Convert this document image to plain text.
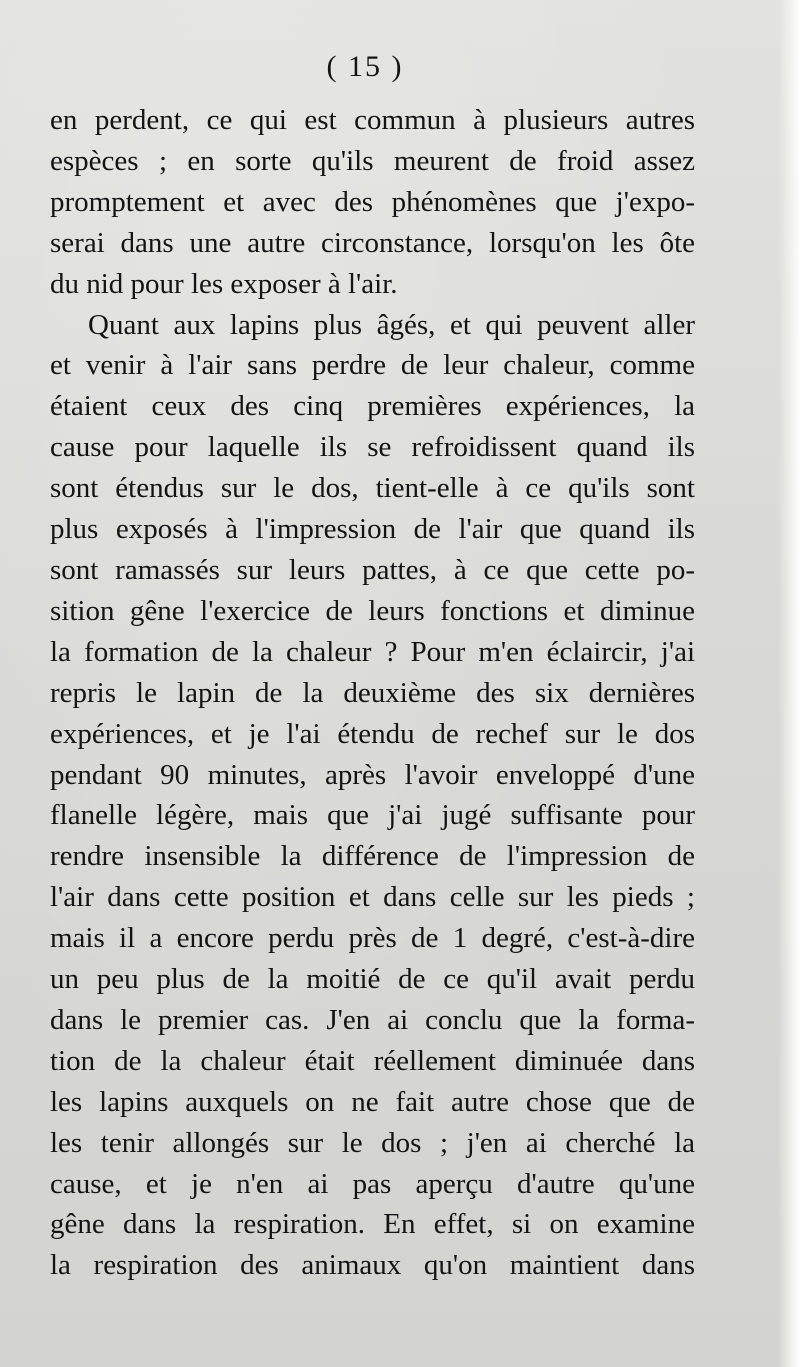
( 15 )
en perdent, ce qui est commun à plusieurs autres
espèces ; en sorte qu'ils meurent de froid assez
promptement et avec des phénomènes que j'expo-
serai dans une autre circonstance, lorsqu'on les ôte
du nid pour les exposer à l'air.
Quant aux lapins plus âgés, et qui peuvent aller
et venir à l'air sans perdre de leur chaleur, comme
étaient ceux des cinq premières expériences, la
cause pour laquelle ils se refroidissent quand ils
sont étendus sur le dos, tient-elle à ce qu'ils sont
plus exposés à l'impression de l'air que quand ils
sont ramassés sur leurs pattes, à ce que cette po-
sition gêne l'exercice de leurs fonctions et diminue
la formation de la chaleur ? Pour m'en éclaircir, j'ai
repris le lapin de la deuxième des six dernières
expériences, et je l'ai étendu de rechef sur le dos
pendant 90 minutes, après l'avoir enveloppé d'une
flanelle légère, mais que j'ai jugé suffisante pour
rendre insensible la différence de l'impression de
l'air dans cette position et dans celle sur les pieds ;
mais il a encore perdu près de 1 degré, c'est-à-dire
un peu plus de la moitié de ce qu'il avait perdu
dans le premier cas. J'en ai conclu que la forma-
tion de la chaleur était réellement diminuée dans
les lapins auxquels on ne fait autre chose que de
les tenir allongés sur le dos ; j'en ai cherché la
cause, et je n'en ai pas aperçu d'autre qu'une
gêne dans la respiration. En effet, si on examine
la respiration des animaux qu'on maintient dans
